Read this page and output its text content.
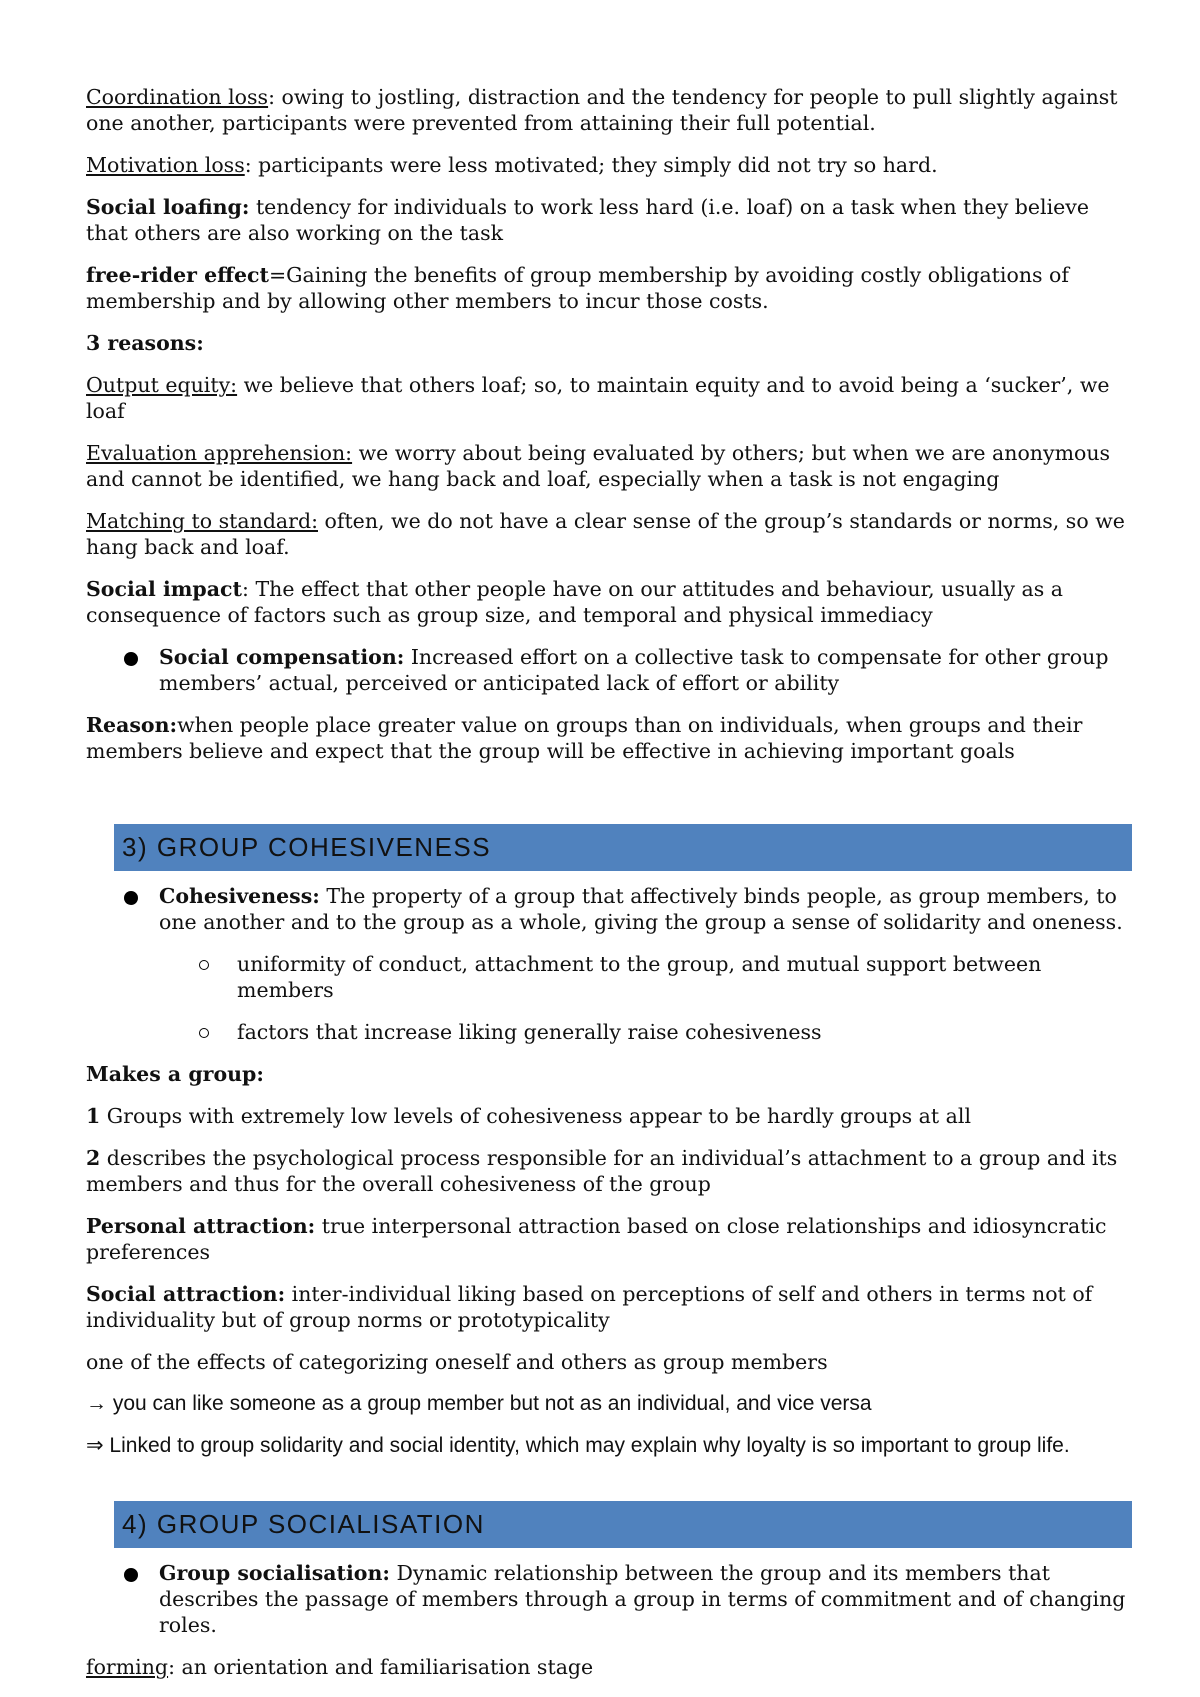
Coordination loss: owing to jostling, distraction and the tendency for people to pull slightly against one another, participants were prevented from attaining their full potential.

Motivation loss: participants were less motivated; they simply did not try so hard.

Social loafing: tendency for individuals to work less hard (i.e. loaf) on a task when they believe that others are also working on the task

free-rider effect=Gaining the benefits of group membership by avoiding costly obligations of membership and by allowing other members to incur those costs.

3 reasons:

Output equity: we believe that others loaf; so, to maintain equity and to avoid being a ‘sucker’, we loaf

Evaluation apprehension: we worry about being evaluated by others; but when we are anonymous and cannot be identified, we hang back and loaf, especially when a task is not engaging

Matching to standard: often, we do not have a clear sense of the group’s standards or norms, so we hang back and loaf.

Social impact: The effect that other people have on our attitudes and behaviour, usually as a consequence of factors such as group size, and temporal and physical immediacy

Social compensation: Increased effort on a collective task to compensate for other group members’ actual, perceived or anticipated lack of effort or ability

Reason:when people place greater value on groups than on individuals, when groups and their members believe and expect that the group will be effective in achieving important goals

3) GROUP COHESIVENESS
Cohesiveness: The property of a group that affectively binds people, as group members, to one another and to the group as a whole, giving the group a sense of solidarity and oneness.
uniformity of conduct, attachment to the group, and mutual support between members
factors that increase liking generally raise cohesiveness

Makes a group:

1 Groups with extremely low levels of cohesiveness appear to be hardly groups at all

2 describes the psychological process responsible for an individual’s attachment to a group and its members and thus for the overall cohesiveness of the group

Personal attraction: true interpersonal attraction based on close relationships and idiosyncratic preferences

Social attraction: inter-individual liking based on perceptions of self and others in terms not of individuality but of group norms or prototypicality

one of the effects of categorizing oneself and others as group members

→ you can like someone as a group member but not as an individual, and vice versa

⇒ Linked to group solidarity and social identity, which may explain why loyalty is so important to group life.

4) GROUP SOCIALISATION
Group socialisation: Dynamic relationship between the group and its members that describes the passage of members through a group in terms of commitment and of changing roles.

forming: an orientation and familiarisation stage
